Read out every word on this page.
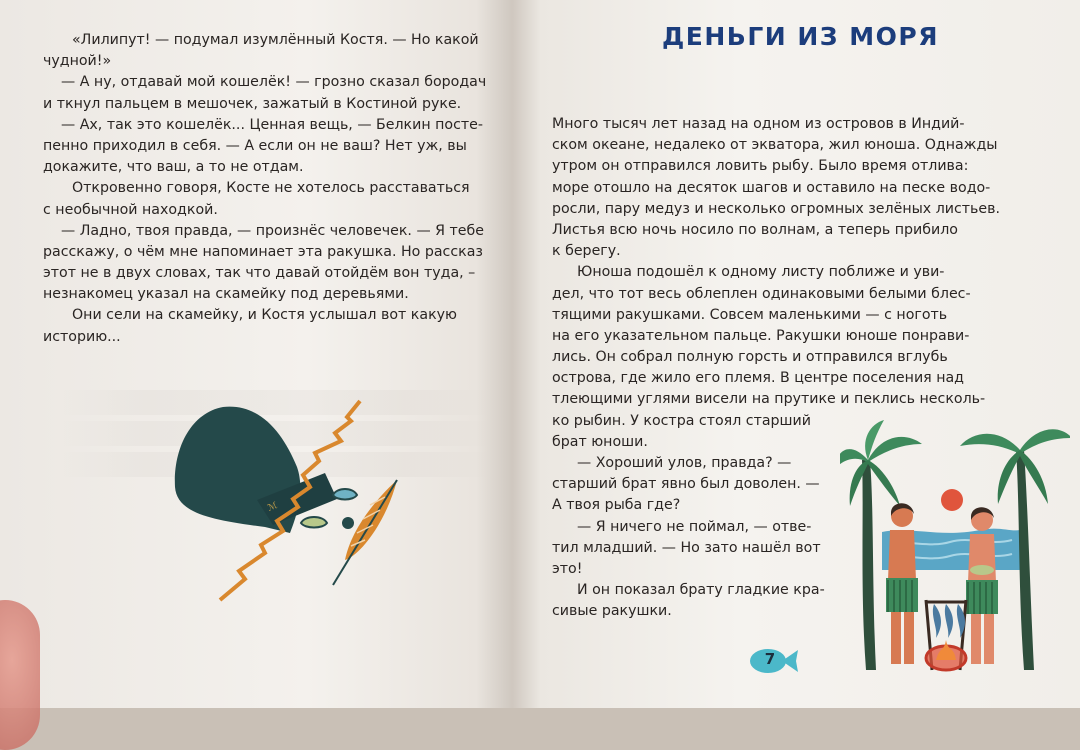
«Лилипут! — подумал изумлённый Костя. — Но какой
чудной!»
— А ну, отдавай мой кошелёк! — грозно сказал бородач
и ткнул пальцем в мешочек, зажатый в Костиной руке.
— Ах, так это кошелёк... Ценная вещь, — Белкин посте-
пенно приходил в себя. — А если он не ваш? Нет уж, вы
докажите, что ваш, а то не отдам.
Откровенно говоря, Косте не хотелось расставаться
с необычной находкой.
— Ладно, твоя правда, — произнёс человечек. — Я тебе
расскажу, о чём мне напоминает эта ракушка. Но рассказ
этот не в двух словах, так что давай отойдём вон туда, –
незнакомец указал на скамейку под деревьями.
Они сели на скамейку, и Костя услышал вот какую
историю...
ℳ
ДЕНЬГИ ИЗ МОРЯ
Много тысяч лет назад на одном из островов в Индий-
ском океане, недалеко от экватора, жил юноша. Однажды
утром он отправился ловить рыбу. Было время отлива:
море отошло на десяток шагов и оставило на песке водо-
росли, пару медуз и несколько огромных зелёных листьев.
Листья всю ночь носило по волнам, а теперь прибило
к берегу.
Юноша подошёл к одному листу поближе и уви-
дел, что тот весь облеплен одинаковыми белыми блес-
тящими ракушками. Совсем маленькими — с ноготь
на его указательном пальце. Ракушки юноше понрави-
лись. Он собрал полную горсть и отправился вглубь
острова, где жило его племя. В центре поселения над
тлеющими углями висели на прутике и пеклись несколь-
ко рыбин. У костра стоял старший
брат юноши.
— Хороший улов, правда? —
старший брат явно был доволен. —
А твоя рыба где?
— Я ничего не поймал, — отве-
тил младший. — Но зато нашёл вот
это!
И он показал брату гладкие кра-
сивые ракушки.
7
